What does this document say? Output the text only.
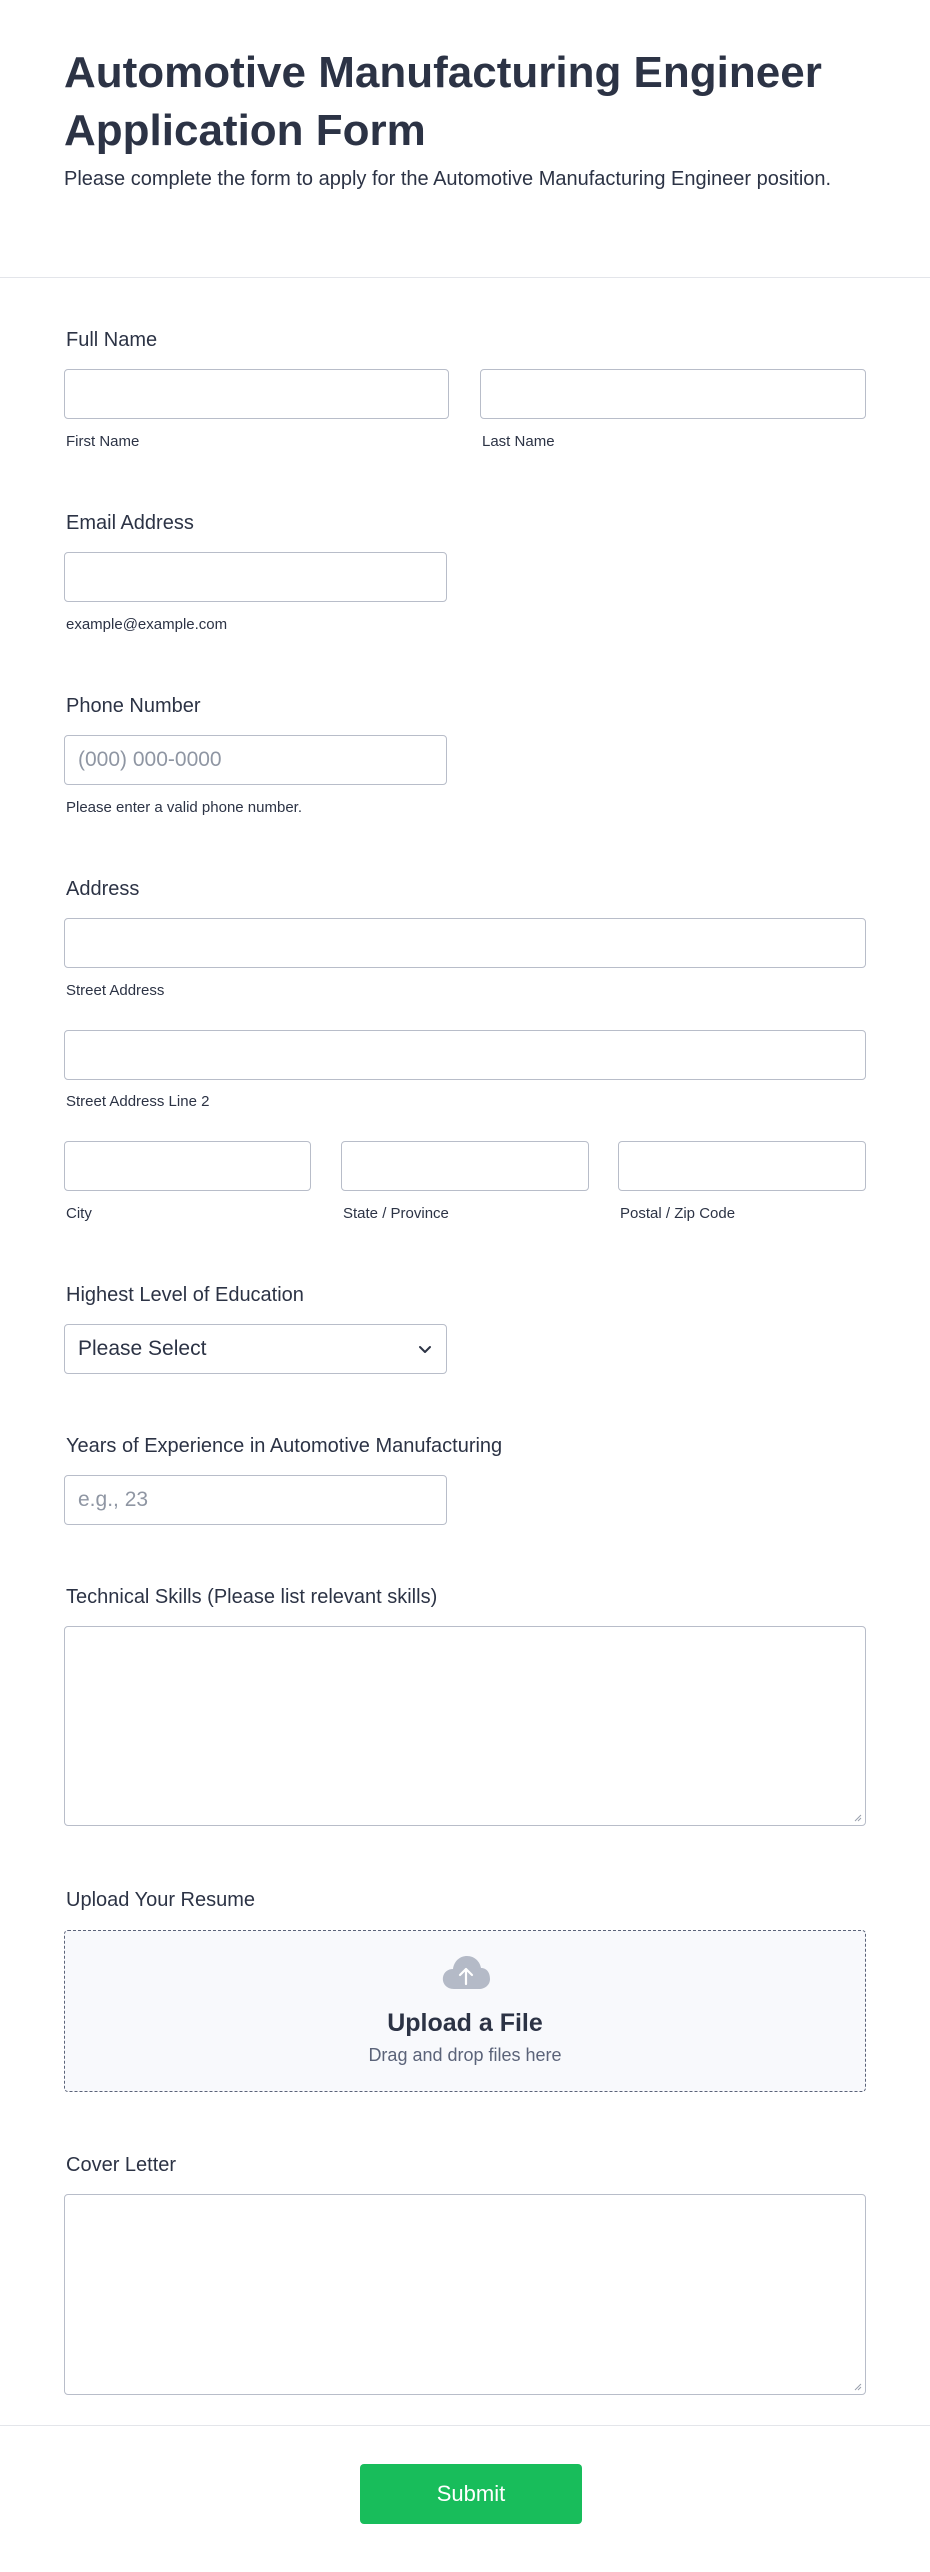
Automotive Manufacturing Engineer Application Form

Please complete the form to apply for the Automotive Manufacturing Engineer position.

Full Name
First Name	Last Name
Email Address
example@example.com
Phone Number
(000) 000-0000
Please enter a valid phone number.
Address
Street Address
Street Address Line 2
City	State / Province	Postal / Zip Code
Highest Level of Education
Please Select
Years of Experience in Automotive Manufacturing
e.g., 23
Technical Skills (Please list relevant skills)
Upload Your Resume
Upload a File
Drag and drop files here
Cover Letter
Submit
